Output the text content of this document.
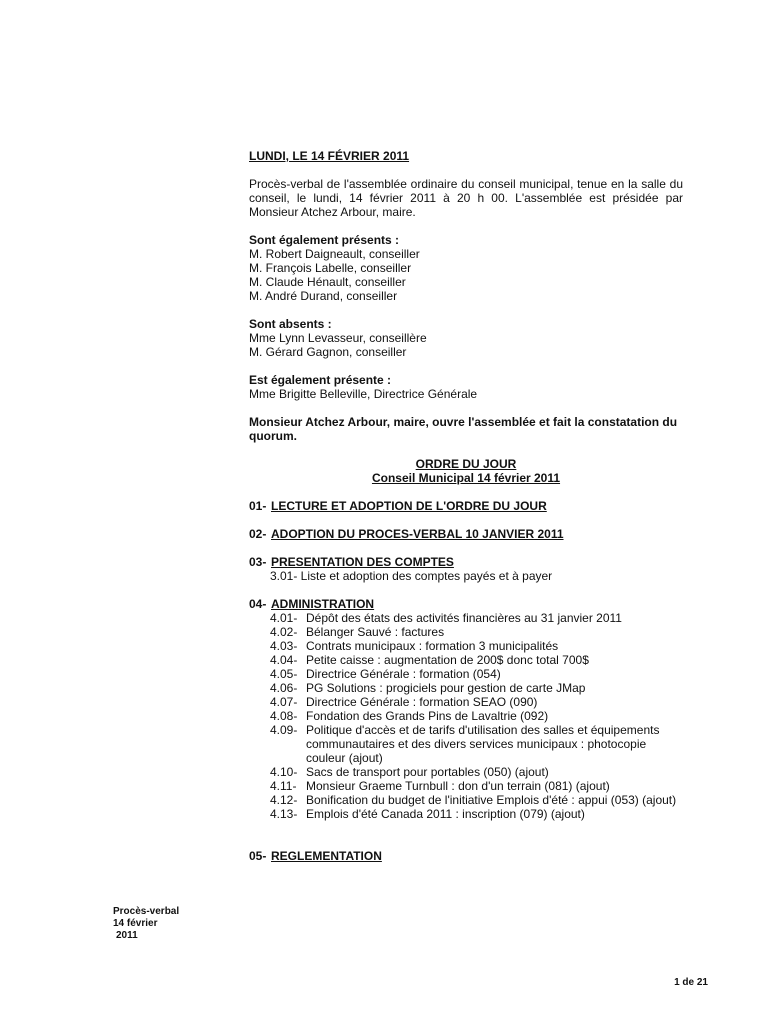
LUNDI, LE 14 FÉVRIER 2011
Procès-verbal de l'assemblée ordinaire du conseil municipal, tenue en la salle du conseil, le lundi, 14 février 2011 à 20 h 00. L'assemblée est présidée par Monsieur Atchez Arbour, maire.
Sont également présents :
M. Robert Daigneault, conseiller
M. François Labelle, conseiller
M. Claude Hénault, conseiller
M. André Durand, conseiller
Sont absents :
Mme Lynn Levasseur, conseillère
M. Gérard Gagnon, conseiller
Est également présente :
Mme Brigitte Belleville, Directrice Générale
Monsieur Atchez Arbour, maire, ouvre l'assemblée et fait la constatation du quorum.
ORDRE DU JOUR
Conseil Municipal 14 février 2011
01- LECTURE ET ADOPTION DE L'ORDRE DU JOUR
02- ADOPTION DU PROCES-VERBAL 10 JANVIER 2011
03- PRESENTATION DES COMPTES
3.01- Liste et adoption des comptes payés et à payer
04- ADMINISTRATION
4.01- Dépôt des états des activités financières au 31 janvier 2011
4.02- Bélanger Sauvé : factures
4.03- Contrats municipaux : formation 3 municipalités
4.04- Petite caisse : augmentation de 200$ donc total 700$
4.05- Directrice Générale : formation (054)
4.06- PG Solutions : progiciels pour gestion de carte JMap
4.07- Directrice Générale : formation SEAO (090)
4.08- Fondation des Grands Pins de Lavaltrie (092)
4.09- Politique d'accès et de tarifs d'utilisation des salles et équipements communautaires et des divers services municipaux : photocopie couleur (ajout)
4.10- Sacs de transport pour portables (050) (ajout)
4.11- Monsieur Graeme Turnbull : don d'un terrain (081) (ajout)
4.12- Bonification du budget de l'initiative Emplois d'été : appui (053) (ajout)
4.13- Emplois d'été Canada 2011 : inscription (079) (ajout)
05- REGLEMENTATION
Procès-verbal
14 février
2011
1 de 21
